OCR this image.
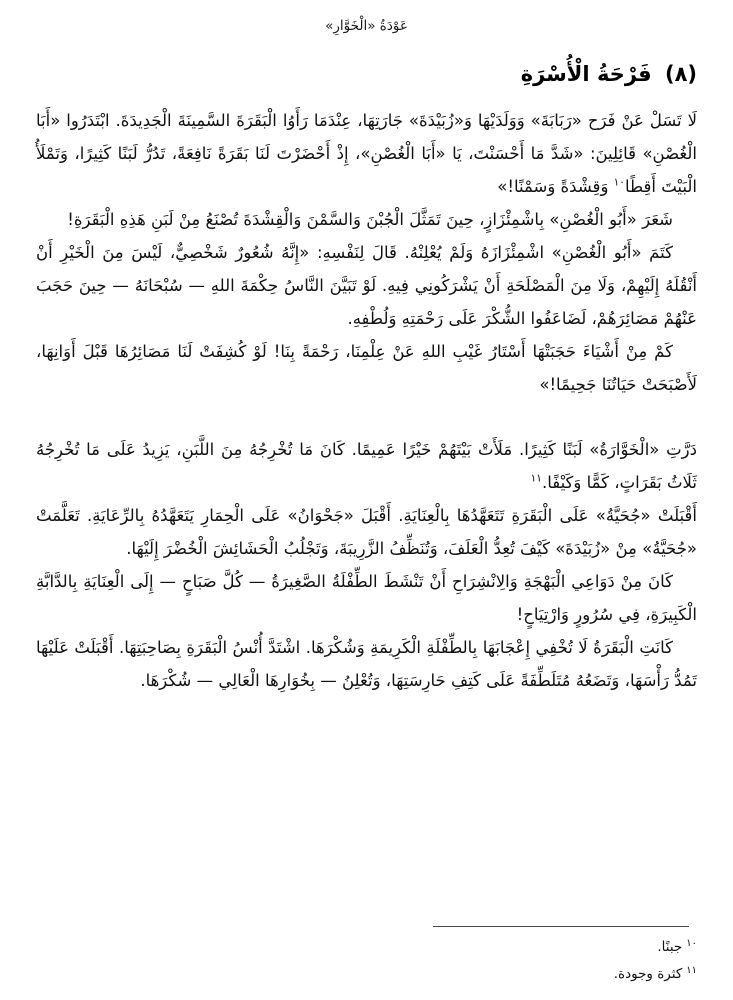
عَوْدَةُ «الْخَوَّارِ»
(٨) فَرْحَةُ الْأُسْرَةِ

لَا تَسَلْ عَنْ فَرَح «رَبَابَةَ» وَوَلَدَيْهَا وَ«زُبَيْدَةَ» جَارَتِهَا، عِنْدَمَا رَأَوُا الْبَقَرَةَ السَّمِينَةَ الْجَدِيدَةَ. ابْتَدَرُوا «أَبَا الْغُصْنِ» قَائِلِينَ: «شَدَّ مَا أَحْسَنْتَ، يَا «أَبَا الْغُصْنِ»، إِذْ أَحْضَرْتَ لَنَا بَقَرَةً نَافِعَةً، تَدُرُّ لَبَنًا كَثِيرًا، وَتَمْلَأُ الْبَيْتَ أَقِطًا$^{١٠}$ وَقِشْدَةً وَسَمْنًا!»

شَعَرَ «أَبُو الْغُصْنِ» بِاشْمِئْزَازٍ، حِينَ تَمَثَّلَ الْجُبْنَ وَالسَّمْنَ وَالْقِشْدَةَ تُصْنَعُ مِنْ لَبَنِ هَذِهِ الْبَقَرَةِ!

كَتَمَ «أَبُو الْغُصْنِ» اشْمِئْزَازَهُ وَلَمْ يُعْلِنْهُ. قَالَ لِنَفْسِهِ: «إِنَّهُ شُعُورٌ شَخْصِيٌّ، لَيْسَ مِنَ الْخَيْرِ أَنْ أَنْقُلَهُ إِلَيْهِمْ، وَلَا مِنَ الْمَصْلَحَةِ أَنْ يَشْرَكُونِي فِيهِ. لَوْ تَبَيَّنَ النَّاسُ حِكْمَةَ اللهِ — سُبْحَانَهُ — حِينَ حَجَبَ عَنْهُمْ مَصَائِرَهُمْ، لَضَاعَفُوا الشُّكْرَ عَلَى رَحْمَتِهِ وَلُطْفِهِ.

كَمْ مِنْ أَشْيَاءَ حَجَبَتْهَا أَسْتَارُ غَيْبِ اللهِ عَنْ عِلْمِنَا، رَحْمَةً بِنَا! لَوْ كُشِفَتْ لَنَا مَصَائِرُهَا قَبْلَ أَوَانِهَا، لَأَصْبَحَتْ حَيَاتُنَا جَحِيمًا!»

دَرَّتِ «الْخَوَّارَةُ» لَبَنًا كَثِيرًا. مَلَأَتْ بَيْتَهُمْ خَيْرًا عَمِيمًا. كَانَ مَا تُخْرِجُهُ مِنَ اللَّبَنِ، يَزِيدُ عَلَى مَا تُخْرِجُهُ ثَلَاثُ بَقَرَاتٍ، كَمًّا وَكَيْفًا.$^{١١}$

أَقْبَلَتْ «جُحَيَّةُ» عَلَى الْبَقَرَةِ تَتَعَهَّدُهَا بِالْعِنَايَةِ. أَقْبَلَ «جَحْوَانُ» عَلَى الْحِمَارِ يَتَعَهَّدُهُ بِالرِّعَايَةِ. تَعَلَّمَتْ «جُحَيَّةُ» مِنْ «زُبَيْدَةَ» كَيْفَ تُعِدُّ الْعَلَفَ، وَتُنَظِّفُ الزَّرِيبَةَ، وَتَجْلُبُ الْحَشَائِشَ الْخُضْرَ إِلَيْهَا.

كَانَ مِنْ دَوَاعِي الْبَهْجَةِ وَالِانْشِرَاحِ أَنْ تَنْشَطَ الطِّفْلَةُ الصَّغِيرَةُ — كُلَّ صَبَاحٍ — إِلَى الْعِنَايَةِ بِالدَّابَّةِ الْكَبِيرَةِ، فِي سُرُورٍ وَارْتِيَاحٍ!

كَانَتِ الْبَقَرَةُ لَا تُخْفِي إِعْجَابَهَا بِالطِّفْلَةِ الْكَرِيمَةِ وَشُكْرَهَا. اشْتَدَّ أُنْسُ الْبَقَرَةِ بِصَاحِبَتِهَا. أَقْبَلَتْ عَلَيْهَا تَمُدُّ رَأْسَهَا، وَتَضَعُهُ مُتَلَطِّفَةً عَلَى كَتِفِ حَارِسَتِهَا، وَتُعْلِنُ — بِخُوَارِهَا الْعَالِي — شُكْرَهَا.

$^{١٠}$جبنًا.
$^{١١}$كثرة وجودة.
